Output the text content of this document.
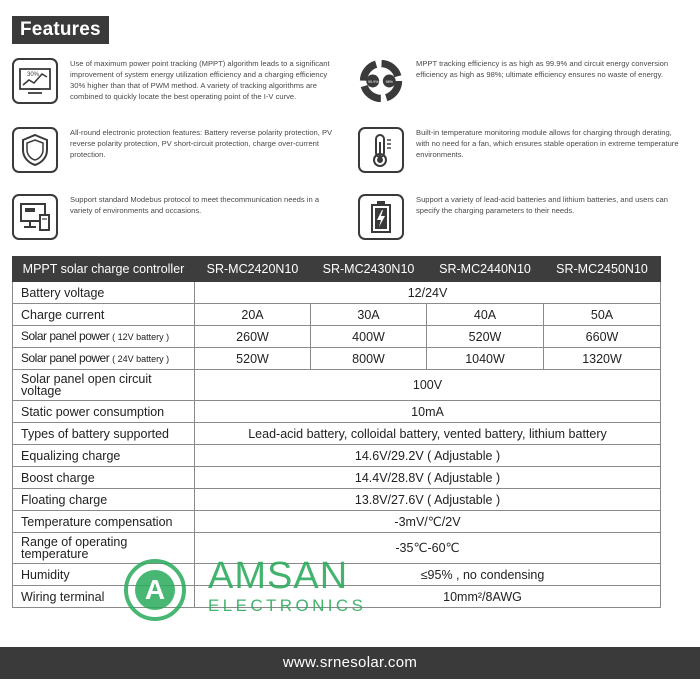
Features
30%
Use of maximum power point tracking (MPPT) algorithm leads to a significant improvement of system energy utilization efficiency and a charging efficiency 30% higher than that of PWM method. A variety of tracking algorithms are combined to quickly locate the best operating point of the I-V curve.
99.9% 98%
MPPT tracking efficiency is as high as 99.9% and circuit energy conversion efficiency as high as 98%; ultimate efficiency ensures no waste of energy.
All-round electronic protection features: Battery reverse polarity protection, PV reverse polarity protection, PV short-circuit protection, charge over-current protection.
Built-in temperature monitoring module allows for charging through derating, with no need for a fan, which ensures stable operation in extreme temperature environments.
Support standard Modebus protocol to meet thecommunication needs in a variety of environments and occasions.
Support a variety of lead-acid batteries and lithium batteries, and users can specify the charging parameters to their needs.
MPPT solar charge controller	SR-MC2420N10	SR-MC2430N10	SR-MC2440N10	SR-MC2450N10
Battery voltage	12/24V			
Charge current	20A	30A	40A	50A
Solar panel power ( 12V battery )	260W	400W	520W	660W
Solar panel power ( 24V battery )	520W	800W	1040W	1320W
Solar panel open circuit voltage	100V			
Static power consumption	10mA			
Types of battery supported	Lead-acid battery, colloidal battery, vented battery, lithium battery			
Equalizing charge	14.6V/29.2V ( Adjustable )			
Boost charge	14.4V/28.8V ( Adjustable )			
Floating charge	13.8V/27.6V ( Adjustable )			
Temperature compensation	-3mV/℃/2V			
Range of operating temperature	-35℃-60℃			
Humidity	≤95% , no condensing			
Wiring terminal	10mm²/8AWG			
A AMSAN
ELECTRONICS
www.srnesolar.com
